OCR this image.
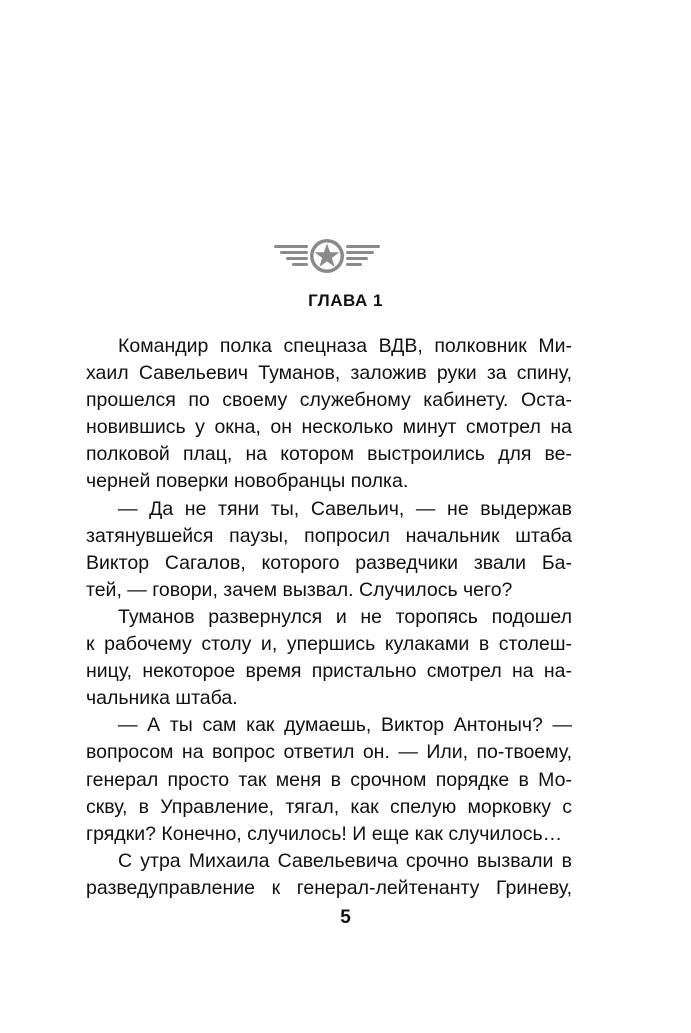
ГЛАВА 1
Командир полка спецназа ВДВ, полковник Ми-
хаил Савельевич Туманов, заложив руки за спину,
прошелся по своему служебному кабинету. Оста-
новившись у окна, он несколько минут смотрел на
полковой плац, на котором выстроились для ве-
черней поверки новобранцы полка.
— Да не тяни ты, Савельич, — не выдержав
затянувшейся паузы, попросил начальник штаба
Виктор Сагалов, которого разведчики звали Ба-
тей, — говори, зачем вызвал. Случилось чего?
Туманов развернулся и не торопясь подошел
к рабочему столу и, упершись кулаками в столеш-
ницу, некоторое время пристально смотрел на на-
чальника штаба.
— А ты сам как думаешь, Виктор Антоныч? —
вопросом на вопрос ответил он. — Или, по-твоему,
генерал просто так меня в срочном порядке в Мо-
скву, в Управление, тягал, как спелую морковку с
грядки? Конечно, случилось! И еще как случилось…
С утра Михаила Савельевича срочно вызвали в
разведуправление к генерал-лейтенанту Гриневу,
5
